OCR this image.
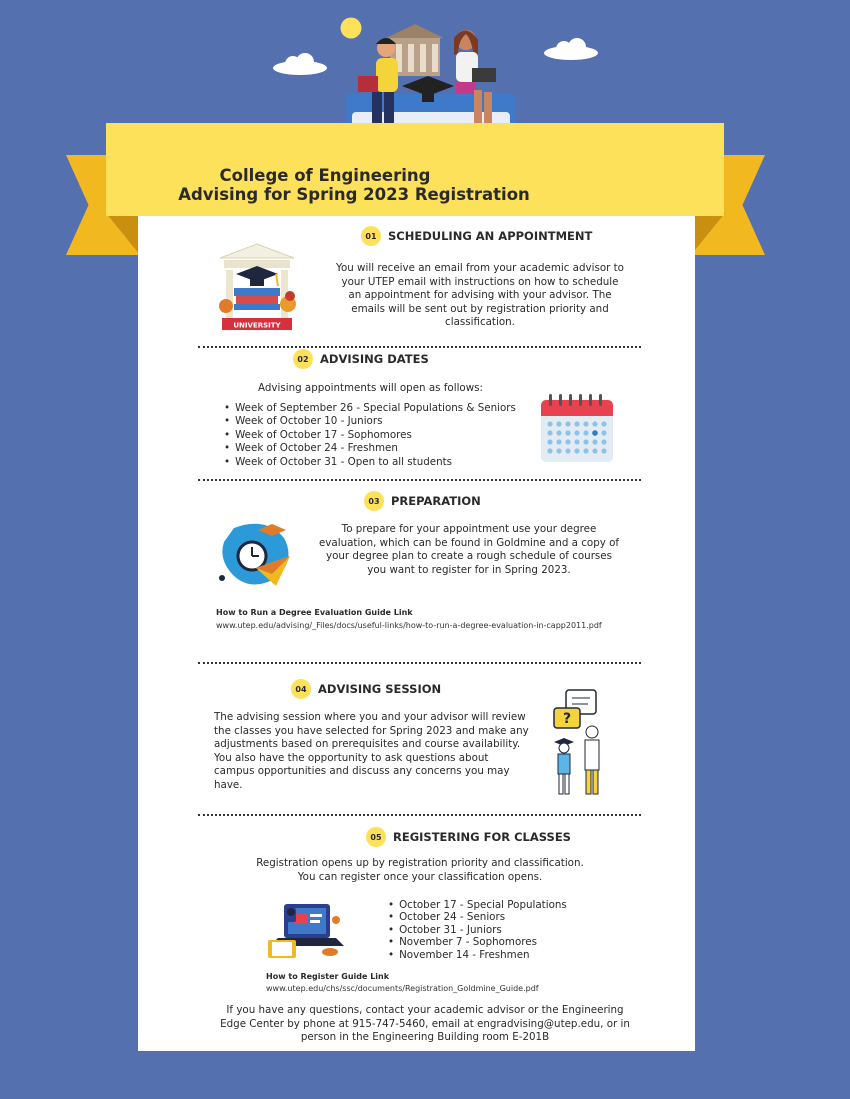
College of Engineering
Advising for Spring 2023 Registration
01 SCHEDULING AN APPOINTMENT
UNIVERSITY
You will receive an email from your academic advisor to your UTEP email with instructions on how to schedule an appointment for advising with your advisor. The emails will be sent out by registration priority and classification.
02 ADVISING DATES
Advising appointments will open as follows:
• Week of September 26 - Special Populations & Seniors
• Week of October 10 - Juniors
• Week of October 17 - Sophomores
• Week of October 24 - Freshmen
• Week of October 31 - Open to all students
03 PREPARATION
To prepare for your appointment use your degree evaluation, which can be found in Goldmine and a copy of your degree plan to create a rough schedule of courses you want to register for in Spring 2023.
How to Run a Degree Evaluation Guide Link
www.utep.edu/advising/_Files/docs/useful-links/how-to-run-a-degree-evaluation-in-capp2011.pdf
04 ADVISING SESSION
The advising session where you and your advisor will review the classes you have selected for Spring 2023 and make any adjustments based on prerequisites and course availability. You also have the opportunity to ask questions about campus opportunities and discuss any concerns you may have.
?
05 REGISTERING FOR CLASSES
Registration opens up by registration priority and classification.
You can register once your classification opens.
• October 17 - Special Populations
• October 24 - Seniors
• October 31 - Juniors
• November 7 - Sophomores
• November 14 - Freshmen
How to Register Guide Link
www.utep.edu/chs/ssc/documents/Registration_Goldmine_Guide.pdf
If you have any questions, contact your academic advisor or the Engineering Edge Center by phone at 915-747-5460, email at engradvising@utep.edu, or in person in the Engineering Building room E-201B
